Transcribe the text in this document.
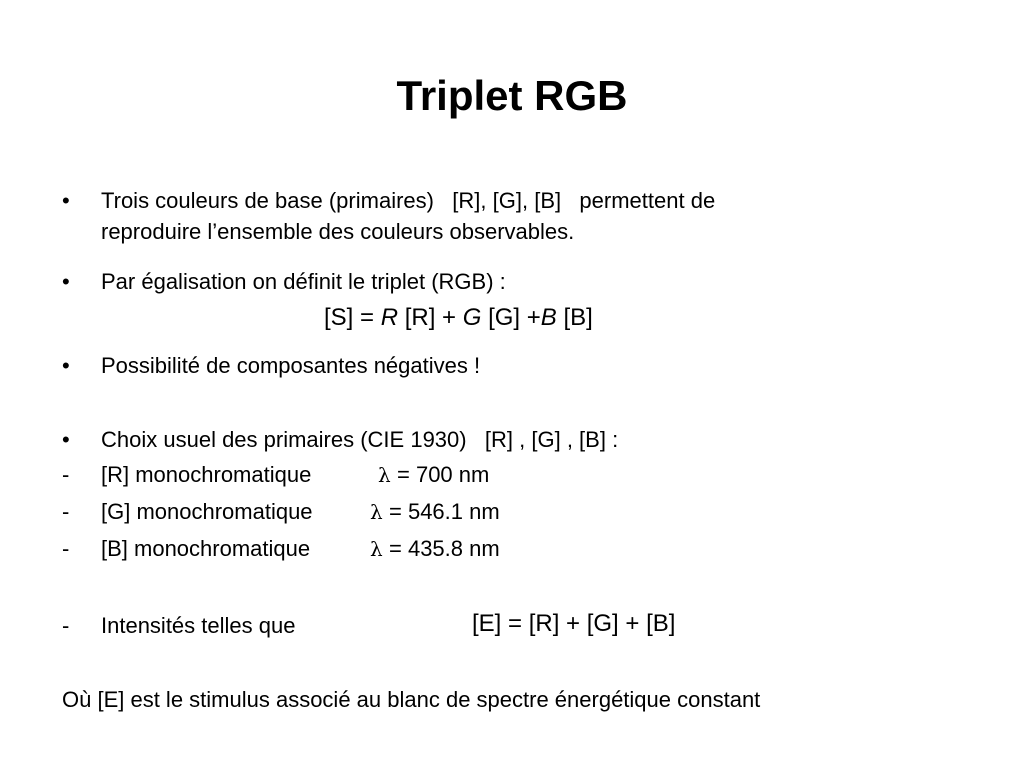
Triplet RGB
• Trois couleurs de base (primaires)   [R], [G], [B]   permettent de
reproduire l’ensemble des couleurs observables.
• Par égalisation on définit le triplet (RGB) :
[S] = R [R] + G [G] +B [B]
• Possibilité de composantes négatives !
• Choix usuel des primaires (CIE 1930)   [R] , [G] , [B] :
- [R] monochromatique	λ = 700 nm
- [G] monochromatique	λ = 546.1 nm
- [B] monochromatique	λ = 435.8 nm
- Intensités telles que	[E] = [R] + [G] + [B]
Où [E] est le stimulus associé au blanc de spectre énergétique constant
